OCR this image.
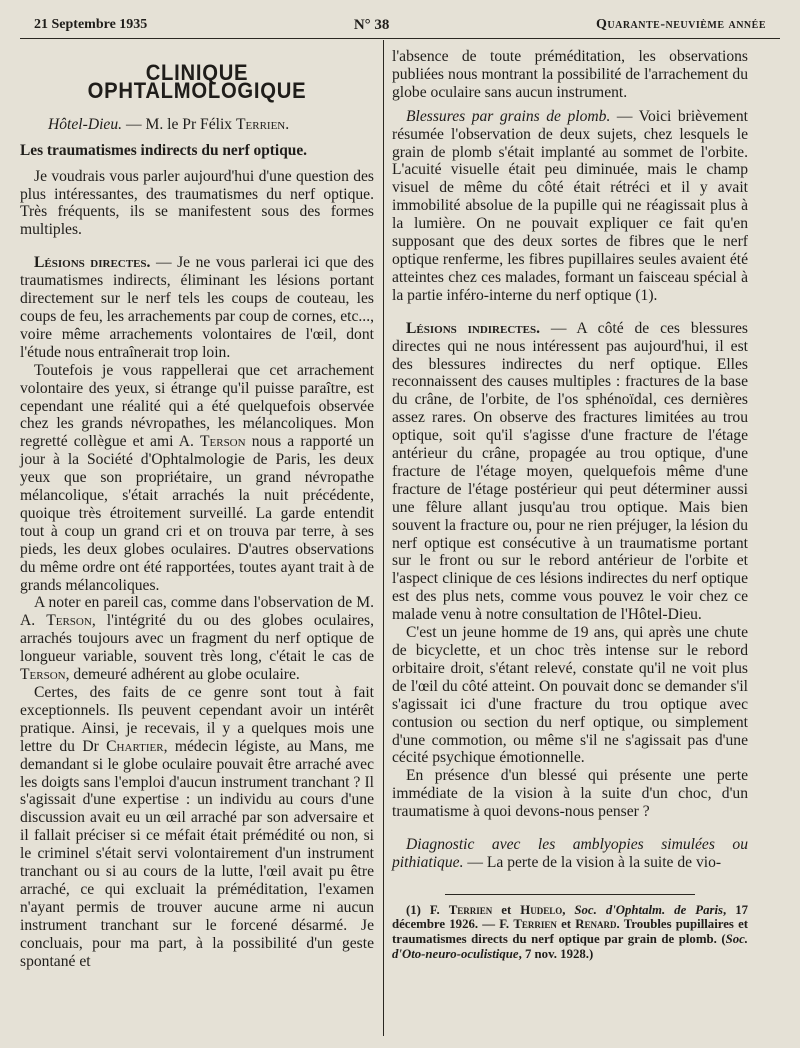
21 Septembre 1935	N° 38	Quarante-neuvième année
CLINIQUE OPHTALMOLOGIQUE

Hôtel-Dieu. — M. le Pr Félix Terrien.

Les traumatismes indirects du nerf optique.

Je voudrais vous parler aujourd'hui d'une question des plus intéressantes, des traumatismes du nerf optique. Très fréquents, ils se manifestent sous des formes multiples.

Lésions directes. — Je ne vous parlerai ici que des traumatismes indirects, éliminant les lésions portant directement sur le nerf tels les coups de couteau, les coups de feu, les arrachements par coup de cornes, etc..., voire même arrachements volontaires de l'œil, dont l'étude nous entraînerait trop loin.

Toutefois je vous rappellerai que cet arrachement volontaire des yeux, si étrange qu'il puisse paraître, est cependant une réalité qui a été quelquefois observée chez les grands névropathes, les mélancoliques. Mon regretté collègue et ami A. Terson nous a rapporté un jour à la Société d'Ophtalmologie de Paris, les deux yeux que son propriétaire, un grand névropathe mélancolique, s'était arrachés la nuit précédente, quoique très étroitement surveillé. La garde entendit tout à coup un grand cri et on trouva par terre, à ses pieds, les deux globes oculaires. D'autres observations du même ordre ont été rapportées, toutes ayant trait à de grands mélancoliques.

A noter en pareil cas, comme dans l'observation de M. A. Terson, l'intégrité du ou des globes oculaires, arrachés toujours avec un fragment du nerf optique de longueur variable, souvent très long, c'était le cas de Terson, demeuré adhérent au globe oculaire.

Certes, des faits de ce genre sont tout à fait exceptionnels. Ils peuvent cependant avoir un intérêt pratique. Ainsi, je recevais, il y a quelques mois une lettre du Dr Chartier, médecin légiste, au Mans, me demandant si le globe oculaire pouvait être arraché avec les doigts sans l'emploi d'aucun instrument tranchant ? Il s'agissait d'une expertise : un individu au cours d'une discussion avait eu un œil arraché par son adversaire et il fallait préciser si ce méfait était prémédité ou non, si le criminel s'était servi volontairement d'un instrument tranchant ou si au cours de la lutte, l'œil avait pu être arraché, ce qui excluait la préméditation, l'examen n'ayant permis de trouver aucune arme ni aucun instrument tranchant sur le forcené désarmé. Je concluais, pour ma part, à la possibilité d'un geste spontané et

l'absence de toute préméditation, les observations publiées nous montrant la possibilité de l'arrachement du globe oculaire sans aucun instrument.

Blessures par grains de plomb. — Voici brièvement résumée l'observation de deux sujets, chez lesquels le grain de plomb s'était implanté au sommet de l'orbite. L'acuité visuelle était peu diminuée, mais le champ visuel de même du côté était rétréci et il y avait immobilité absolue de la pupille qui ne réagissait plus à la lumière. On ne pouvait expliquer ce fait qu'en supposant que des deux sortes de fibres que le nerf optique renferme, les fibres pupillaires seules avaient été atteintes chez ces malades, formant un faisceau spécial à la partie inféro-interne du nerf optique (1).

Lésions indirectes. — A côté de ces blessures directes qui ne nous intéressent pas aujourd'hui, il est des blessures indirectes du nerf optique. Elles reconnaissent des causes multiples : fractures de la base du crâne, de l'orbite, de l'os sphénoïdal, ces dernières assez rares. On observe des fractures limitées au trou optique, soit qu'il s'agisse d'une fracture de l'étage antérieur du crâne, propagée au trou optique, d'une fracture de l'étage moyen, quelquefois même d'une fracture de l'étage postérieur qui peut déterminer aussi une fêlure allant jusqu'au trou optique. Mais bien souvent la fracture ou, pour ne rien préjuger, la lésion du nerf optique est consécutive à un traumatisme portant sur le front ou sur le rebord antérieur de l'orbite et l'aspect clinique de ces lésions indirectes du nerf optique est des plus nets, comme vous pouvez le voir chez ce malade venu à notre consultation de l'Hôtel-Dieu.

C'est un jeune homme de 19 ans, qui après une chute de bicyclette, et un choc très intense sur le rebord orbitaire droit, s'étant relevé, constate qu'il ne voit plus de l'œil du côté atteint. On pouvait donc se demander s'il s'agissait ici d'une fracture du trou optique avec contusion ou section du nerf optique, ou simplement d'une commotion, ou même s'il ne s'agissait pas d'une cécité psychique émotionnelle.

En présence d'un blessé qui présente une perte immédiate de la vision à la suite d'un choc, d'un traumatisme à quoi devons-nous penser ?

Diagnostic avec les amblyopies simulées ou pithiatique. — La perte de la vision à la suite de vio-

(1) F. Terrien et Hudelo, Soc. d'Ophtalm. de Paris, 17 décembre 1926. — F. Terrien et Renard. Troubles pupillaires et traumatismes directs du nerf optique par grain de plomb. (Soc. d'Oto-neuro-oculistique, 7 nov. 1928.)
